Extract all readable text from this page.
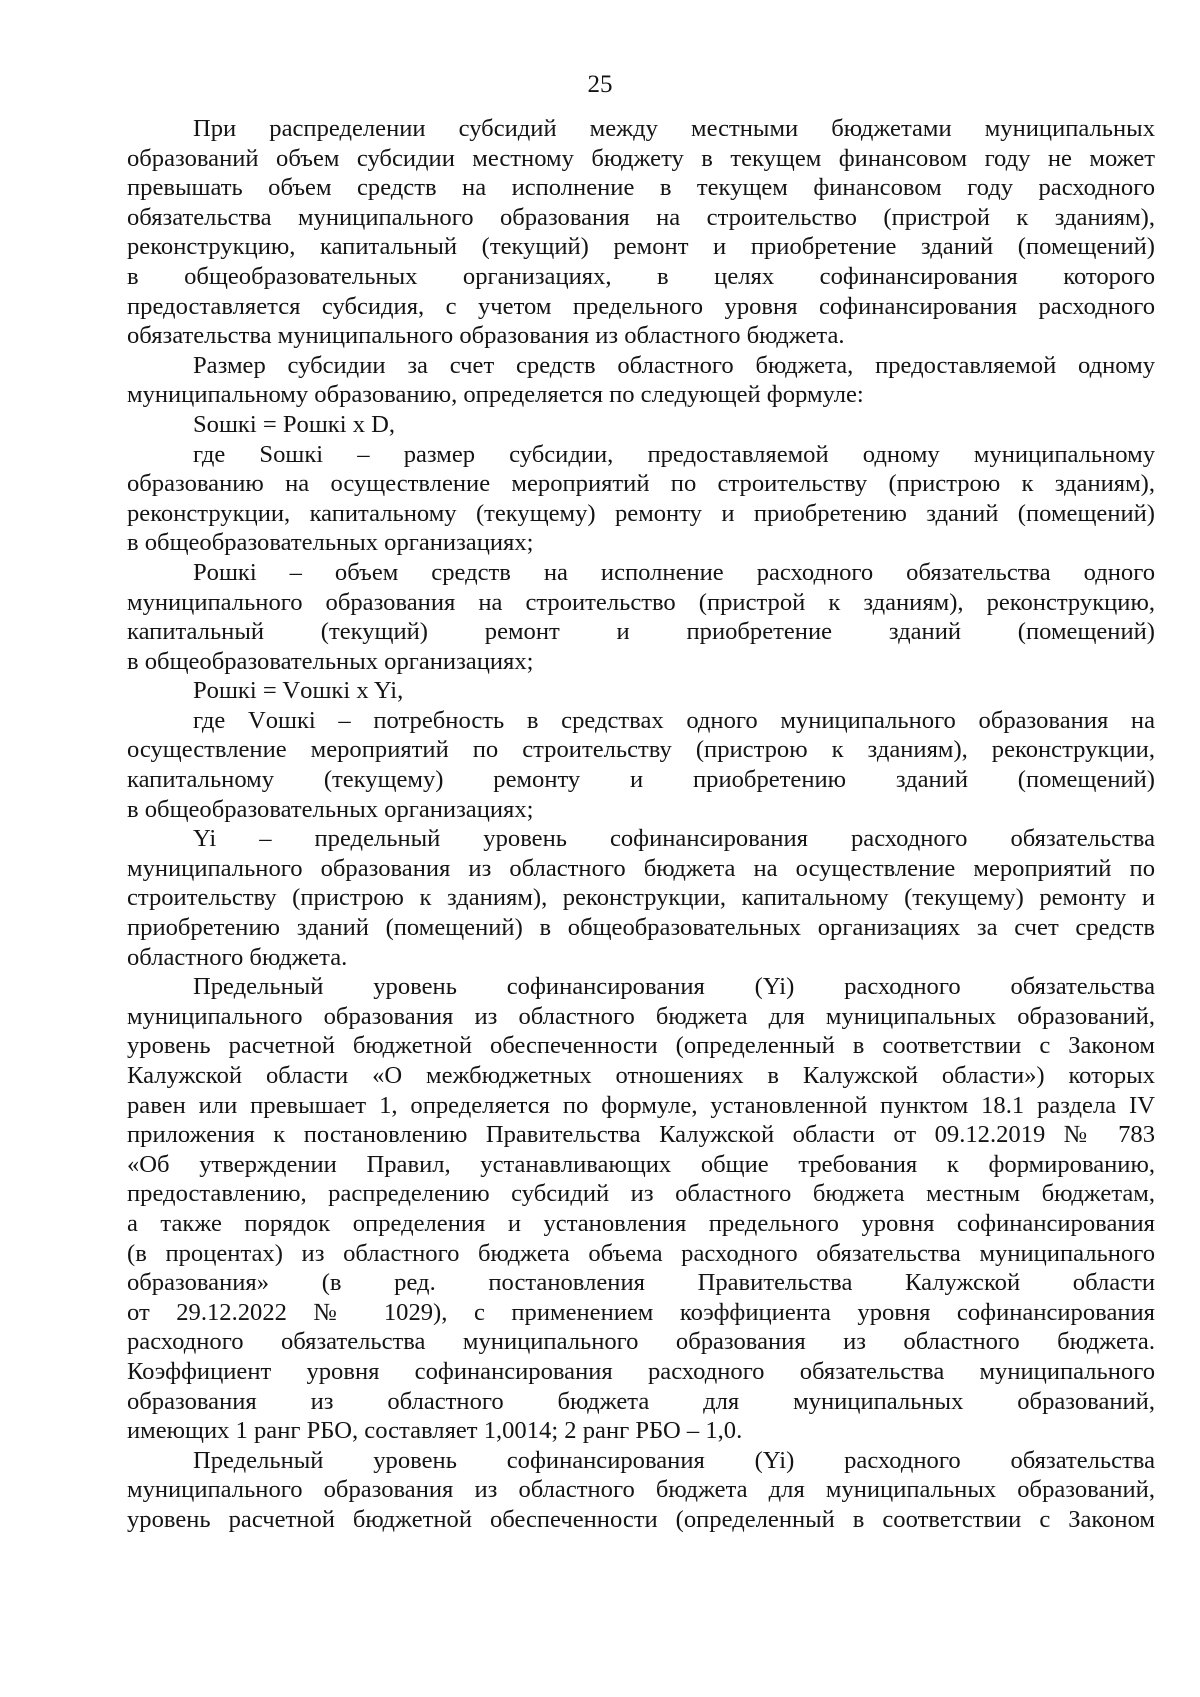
25
При распределении субсидий между местными бюджетами муниципальных
образований объем субсидии местному бюджету в текущем финансовом году не может
превышать объем средств на исполнение в текущем финансовом году расходного
обязательства муниципального образования на строительство (пристрой к зданиям),
реконструкцию, капитальный (текущий) ремонт и приобретение зданий (помещений)
в общеобразовательных организациях, в целях софинансирования которого
предоставляется субсидия, с учетом предельного уровня софинансирования расходного
обязательства муниципального образования из областного бюджета.
Размер субсидии за счет средств областного бюджета, предоставляемой одному
муниципальному образованию, определяется по следующей формуле:
Sошкi = Pошкi x D,
где Sошкi – размер субсидии, предоставляемой одному муниципальному
образованию на осуществление мероприятий по строительству (пристрою к зданиям),
реконструкции, капитальному (текущему) ремонту и приобретению зданий (помещений)
в общеобразовательных организациях;
Pошкi – объем средств на исполнение расходного обязательства одного
муниципального образования на строительство (пристрой к зданиям), реконструкцию,
капитальный (текущий) ремонт и приобретение зданий (помещений)
в общеобразовательных организациях;
Pошкi = Vошкi x Yi,
где Vошкi – потребность в средствах одного муниципального образования на
осуществление мероприятий по строительству (пристрою к зданиям), реконструкции,
капитальному (текущему) ремонту и приобретению зданий (помещений)
в общеобразовательных организациях;
Yi – предельный уровень софинансирования расходного обязательства
муниципального образования из областного бюджета на осуществление мероприятий по
строительству (пристрою к зданиям), реконструкции, капитальному (текущему) ремонту и
приобретению зданий (помещений) в общеобразовательных организациях за счет средств
областного бюджета.
Предельный уровень софинансирования (Yi) расходного обязательства
муниципального образования из областного бюджета для муниципальных образований,
уровень расчетной бюджетной обеспеченности (определенный в соответствии с Законом
Калужской области «О межбюджетных отношениях в Калужской области») которых
равен или превышает 1, определяется по формуле, установленной пунктом 18.1 раздела IV
приложения к постановлению Правительства Калужской области от 09.12.2019 № 783
«Об утверждении Правил, устанавливающих общие требования к формированию,
предоставлению, распределению субсидий из областного бюджета местным бюджетам,
а также порядок определения и установления предельного уровня софинансирования
(в процентах) из областного бюджета объема расходного обязательства муниципального
образования» (в ред. постановления Правительства Калужской области
от 29.12.2022 № 1029), с применением коэффициента уровня софинансирования
расходного обязательства муниципального образования из областного бюджета.
Коэффициент уровня софинансирования расходного обязательства муниципального
образования из областного бюджета для муниципальных образований,
имеющих 1 ранг РБО, составляет 1,0014; 2 ранг РБО – 1,0.
Предельный уровень софинансирования (Yi) расходного обязательства
муниципального образования из областного бюджета для муниципальных образований,
уровень расчетной бюджетной обеспеченности (определенный в соответствии с Законом
